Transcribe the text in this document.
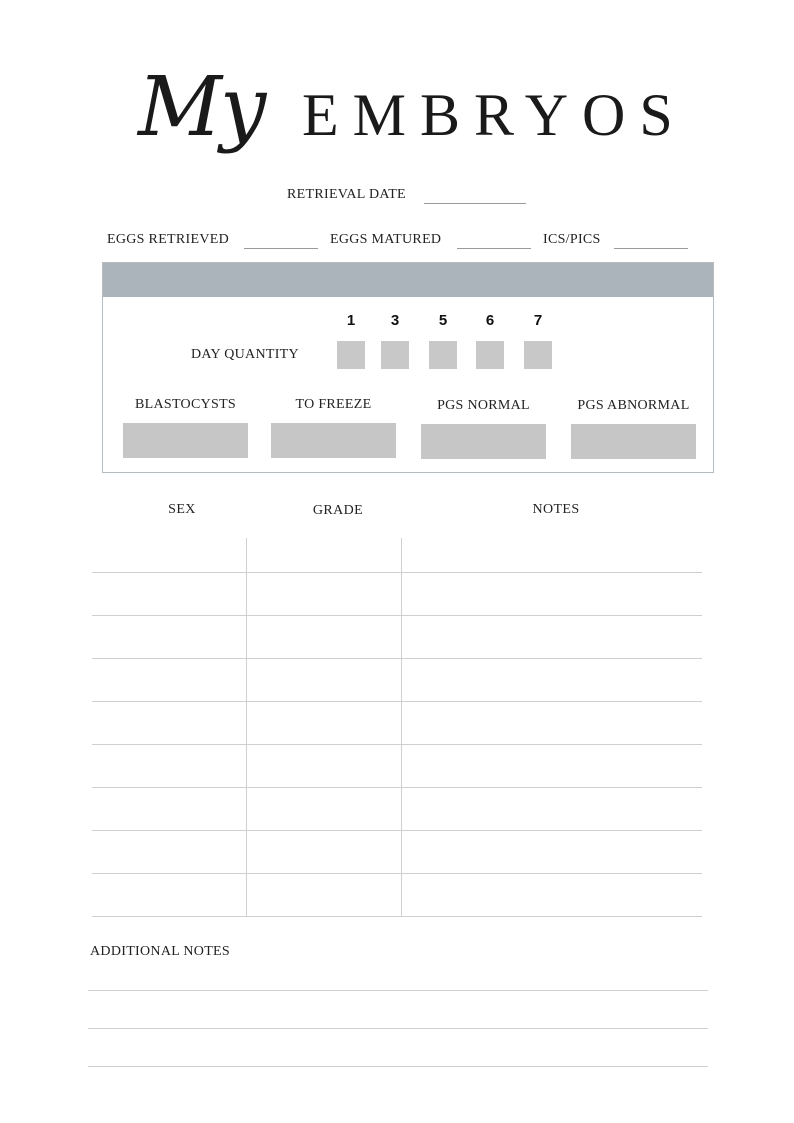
My EMBRYOS
RETRIEVAL DATE
EGGS RETRIEVED	EGGS MATURED	ICS/PICS
DAY QUANTITY
1	3	5	6	7
BLASTOCYSTS	TO FREEZE	PGS NORMAL	PGS ABNORMAL
SEX	GRADE	NOTES
ADDITIONAL NOTES
